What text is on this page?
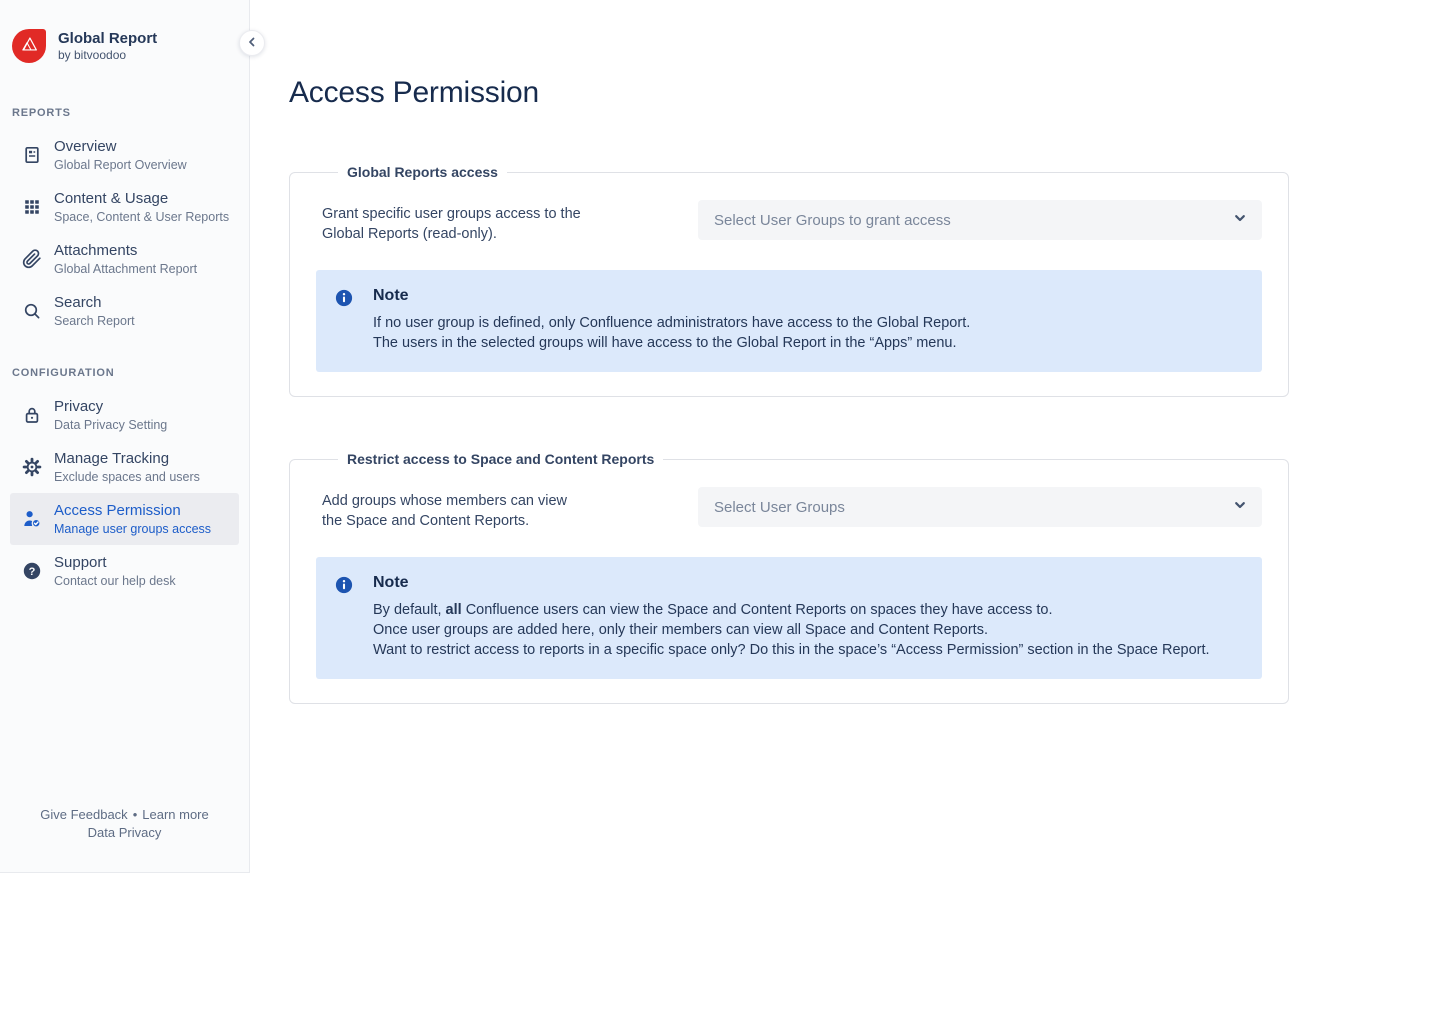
Global Report
by bitvoodoo
REPORTS
Overview
Global Report Overview
Content & Usage
Space, Content & User Reports
Attachments
Global Attachment Report
Search
Search Report
CONFIGURATION
Privacy
Data Privacy Setting
Manage Tracking
Exclude spaces and users
Access Permission
Manage user groups access
?
Support
Contact our help desk
Give Feedback • Learn more
Data Privacy
Access Permission
Global Reports access
Grant specific user groups access to the
Global Reports (read-only).
Select User Groups to grant access
Note

If no user group is defined, only Confluence administrators have access to the Global Report.

The users in the selected groups will have access to the Global Report in the “Apps” menu.

Restrict access to Space and Content Reports
Add groups whose members can view
the Space and Content Reports.
Select User Groups
Note

By default, all Confluence users can view the Space and Content Reports on spaces they have access to.

Once user groups are added here, only their members can view all Space and Content Reports.

Want to restrict access to reports in a specific space only? Do this in the space’s “Access Permission” section in the Space Report.
